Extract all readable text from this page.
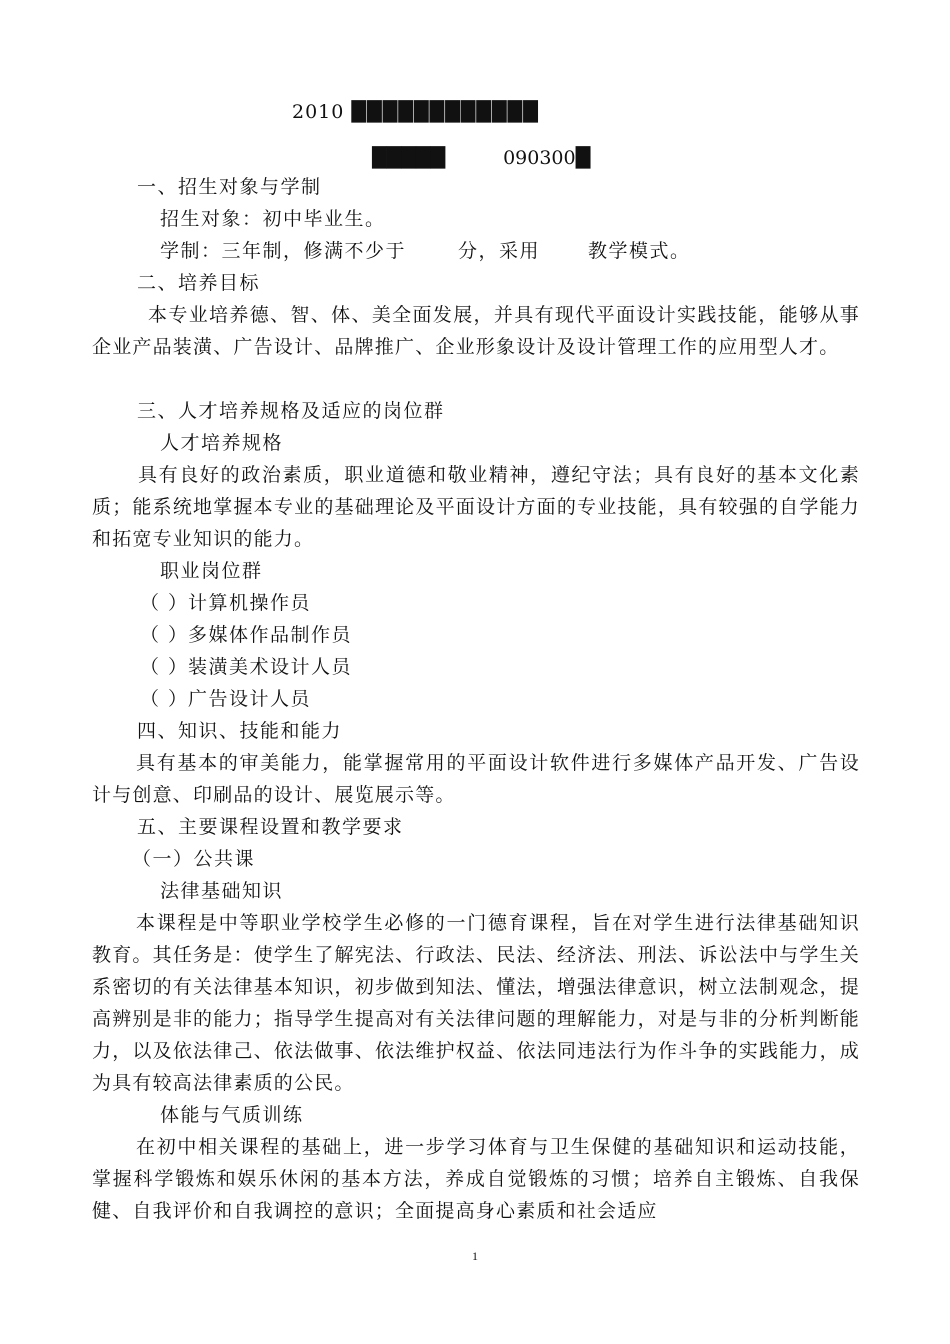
2010 ████████████
█████	090300█
一、招生对象与学制
招生对象：初中毕业生。
学制：三年制，修满不少于	分，采用	教学模式。
二、培养目标
本专业培养德、智、体、美全面发展，并具有现代平面设计实践技能，能够从事企业产品装潢、广告设计、品牌推广、企业形象设计及设计管理工作的应用型人才。
三、人才培养规格及适应的岗位群
人才培养规格
具有良好的政治素质，职业道德和敬业精神，遵纪守法；具有良好的基本文化素质；能系统地掌握本专业的基础理论及平面设计方面的专业技能，具有较强的自学能力和拓宽专业知识的能力。
职业岗位群
（ ）计算机操作员
（ ）多媒体作品制作员
（ ）装潢美术设计人员
（ ）广告设计人员
四、知识、技能和能力
具有基本的审美能力，能掌握常用的平面设计软件进行多媒体产品开发、广告设计与创意、印刷品的设计、展览展示等。
五、主要课程设置和教学要求
（一）公共课
法律基础知识
本课程是中等职业学校学生必修的一门德育课程，旨在对学生进行法律基础知识教育。其任务是：使学生了解宪法、行政法、民法、经济法、刑法、诉讼法中与学生关系密切的有关法律基本知识，初步做到知法、懂法，增强法律意识，树立法制观念，提高辨别是非的能力；指导学生提高对有关法律问题的理解能力，对是与非的分析判断能力，以及依法律己、依法做事、依法维护权益、依法同违法行为作斗争的实践能力，成为具有较高法律素质的公民。
体能与气质训练
在初中相关课程的基础上，进一步学习体育与卫生保健的基础知识和运动技能，掌握科学锻炼和娱乐休闲的基本方法，养成自觉锻炼的习惯；培养自主锻炼、自我保健、自我评价和自我调控的意识；全面提高身心素质和社会适应
1
